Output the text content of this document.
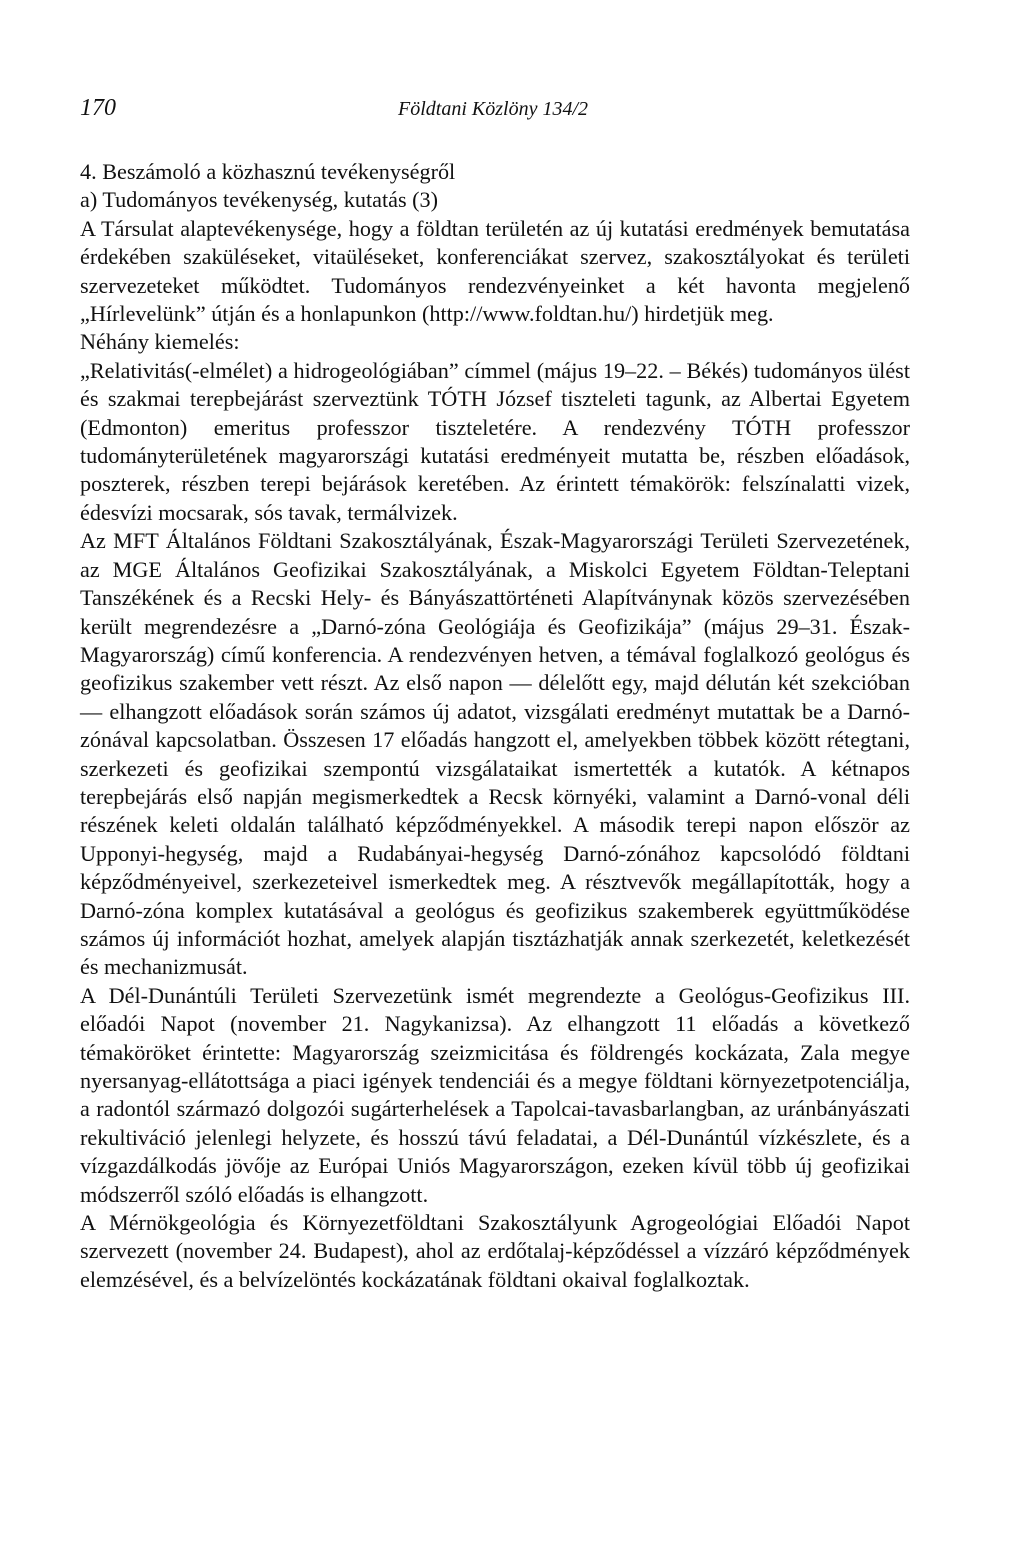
170	Földtani Közlöny 134/2

4. Beszámoló a közhasznú tevékenységről

a) Tudományos tevékenység, kutatás (3)

A Társulat alaptevékenysége, hogy a földtan területén az új kutatási eredmények bemutatása érdekében szaküléseket, vitaüléseket, konferenciákat szervez, szakosztályokat és területi szervezeteket működtet. Tudományos rendezvényeinket a két havonta megjelenő „Hírlevelünk” útján és a honlapunkon (http://www.foldtan.hu/) hirdetjük meg.

Néhány kiemelés:

„Relativitás(-elmélet) a hidrogeológiában” címmel (május 19–22. – Békés) tudományos ülést és szakmai terepbejárást szerveztünk TÓTH József tiszteleti tagunk, az Albertai Egyetem (Edmonton) emeritus professzor tiszteletére. A rendezvény TÓTH professzor tudományterületének magyarországi kutatási eredményeit mutatta be, részben előadások, poszterek, részben terepi bejárások keretében. Az érintett témakörök: felszínalatti vizek, édesvízi mocsarak, sós tavak, termálvizek.

Az MFT Általános Földtani Szakosztályának, Észak-Magyarországi Területi Szervezetének, az MGE Általános Geofizikai Szakosztályának, a Miskolci Egyetem Földtan-Teleptani Tanszékének és a Recski Hely- és Bányászattörténeti Alapítványnak közös szervezésében került megrendezésre a „Darnó-zóna Geológiája és Geofizikája” (május 29–31. Észak-Magyarország) című konferencia. A rendezvényen hetven, a témával foglalkozó geológus és geofizikus szakember vett részt. Az első napon — délelőtt egy, majd délután két szekcióban — elhangzott előadások során számos új adatot, vizsgálati eredményt mutattak be a Darnó-zónával kapcsolatban. Összesen 17 előadás hangzott el, amelyekben többek között rétegtani, szerkezeti és geofizikai szempontú vizsgálataikat ismertették a kutatók. A kétnapos terepbejárás első napján megismerkedtek a Recsk környéki, valamint a Darnó-vonal déli részének keleti oldalán található képződményekkel. A második terepi napon először az Upponyi-hegység, majd a Rudabányai-hegység Darnó-zónához kapcsolódó földtani képződményeivel, szerkezeteivel ismerkedtek meg. A résztvevők megállapították, hogy a Darnó-zóna komplex kutatásával a geológus és geofizikus szakemberek együttműködése számos új információt hozhat, amelyek alapján tisztázhatják annak szerkezetét, keletkezését és mechanizmusát.

A Dél-Dunántúli Területi Szervezetünk ismét megrendezte a Geológus-Geofizikus III. előadói Napot (november 21. Nagykanizsa). Az elhangzott 11 előadás a következő témaköröket érintette: Magyarország szeizmicitása és földrengés kockázata, Zala megye nyersanyag-ellátottsága a piaci igények tendenciái és a megye földtani környezetpotenciálja, a radontól származó dolgozói sugárterhelések a Tapolcai-tavasbarlangban, az uránbányászati rekultiváció jelenlegi helyzete, és hosszú távú feladatai, a Dél-Dunántúl vízkészlete, és a vízgazdálkodás jövője az Európai Uniós Magyarországon, ezeken kívül több új geofizikai módszerről szóló előadás is elhangzott.

A Mérnökgeológia és Környezetföldtani Szakosztályunk Agrogeológiai Előadói Napot szervezett (november 24. Budapest), ahol az erdőtalaj-képződéssel a vízzáró képződmények elemzésével, és a belvízelöntés kockázatának földtani okaival foglalkoztak.
